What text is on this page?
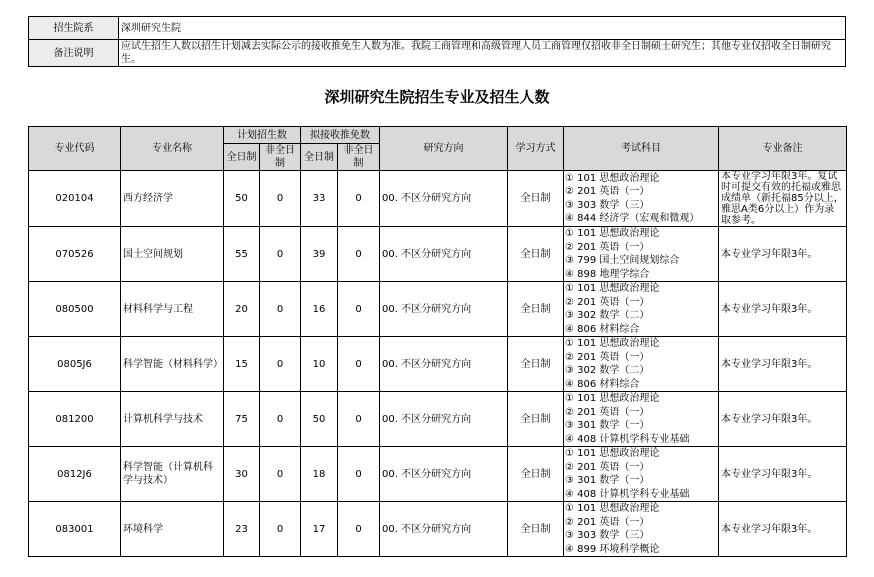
招生院系	深圳研究生院
备注说明	应试生招生人数以招生计划减去实际公示的接收推免生人数为准。我院工商管理和高级管理人员工商管理仅招收非全日制硕士研究生；其他专业仅招收全日制研究生。
深圳研究生院招生专业及招生人数
专业代码	专业名称	计划招生数		拟接收推免数		研究方向	学习方式	考试科目	专业备注
		全日制	非全日制	全日制	非全日制				
020104	西方经济学	50	0	33	0	00. 不区分研究方向	全日制	① 101 思想政治理论
② 201 英语（一）
③ 303 数学（三）
④ 844 经济学（宏观和微观）	本专业学习年限3年。复试时可提交有效的托福或雅思成绩单（新托福85分以上，雅思A类6分以上）作为录取参考。
070526	国土空间规划	55	0	39	0	00. 不区分研究方向	全日制	① 101 思想政治理论
② 201 英语（一）
③ 799 国土空间规划综合
④ 898 地理学综合	本专业学习年限3年。
080500	材料科学与工程	20	0	16	0	00. 不区分研究方向	全日制	① 101 思想政治理论
② 201 英语（一）
③ 302 数学（二）
④ 806 材料综合	本专业学习年限3年。
0805J6	科学智能（材料科学）	15	0	10	0	00. 不区分研究方向	全日制	① 101 思想政治理论
② 201 英语（一）
③ 302 数学（二）
④ 806 材料综合	本专业学习年限3年。
081200	计算机科学与技术	75	0	50	0	00. 不区分研究方向	全日制	① 101 思想政治理论
② 201 英语（一）
③ 301 数学（一）
④ 408 计算机学科专业基础	本专业学习年限3年。
0812J6	科学智能（计算机科学与技术）	30	0	18	0	00. 不区分研究方向	全日制	① 101 思想政治理论
② 201 英语（一）
③ 301 数学（一）
④ 408 计算机学科专业基础	本专业学习年限3年。
083001	环境科学	23	0	17	0	00. 不区分研究方向	全日制	① 101 思想政治理论
② 201 英语（一）
③ 303 数学（三）
④ 899 环境科学概论	本专业学习年限3年。
